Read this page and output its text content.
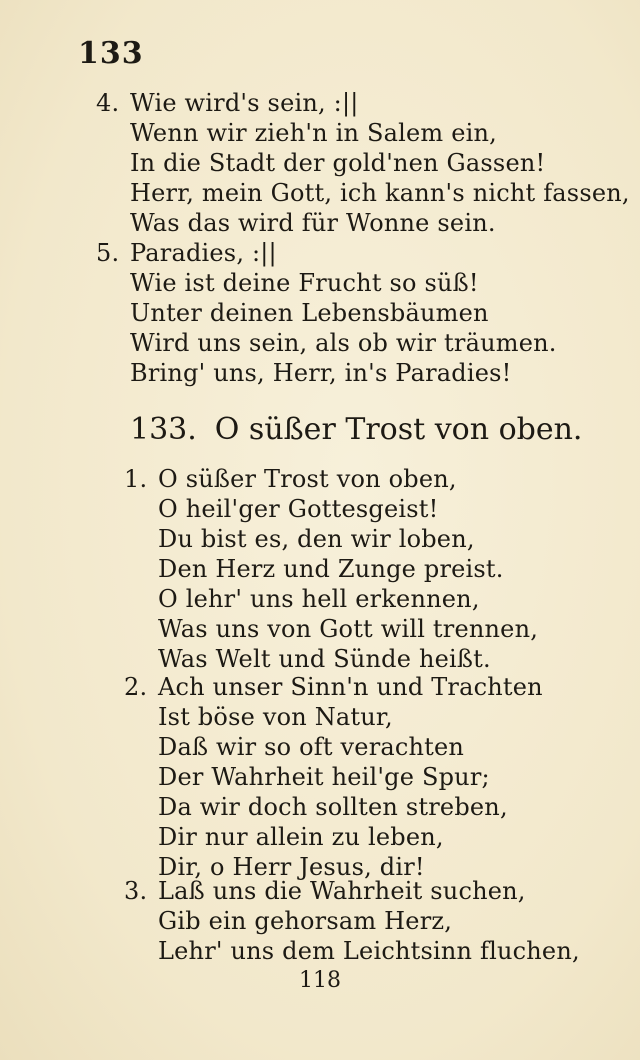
133
4. Wie wird's sein, :||
Wenn wir zieh'n in Salem ein,
In die Stadt der gold'nen Gassen!
Herr, mein Gott, ich kann's nicht fassen,
Was das wird für Wonne sein.
5. Paradies, :||
Wie ist deine Frucht so süß!
Unter deinen Lebensbäumen
Wird uns sein, als ob wir träumen.
Bring' uns, Herr, in's Paradies!
133. O süßer Trost von oben.
1. O süßer Trost von oben,
O heil'ger Gottesgeist!
Du bist es, den wir loben,
Den Herz und Zunge preist.
O lehr' uns hell erkennen,
Was uns von Gott will trennen,
Was Welt und Sünde heißt.
2. Ach unser Sinn'n und Trachten
Ist böse von Natur,
Daß wir so oft verachten
Der Wahrheit heil'ge Spur;
Da wir doch sollten streben,
Dir nur allein zu leben,
Dir, o Herr Jesus, dir!
3. Laß uns die Wahrheit suchen,
Gib ein gehorsam Herz,
Lehr' uns dem Leichtsinn fluchen,
118
